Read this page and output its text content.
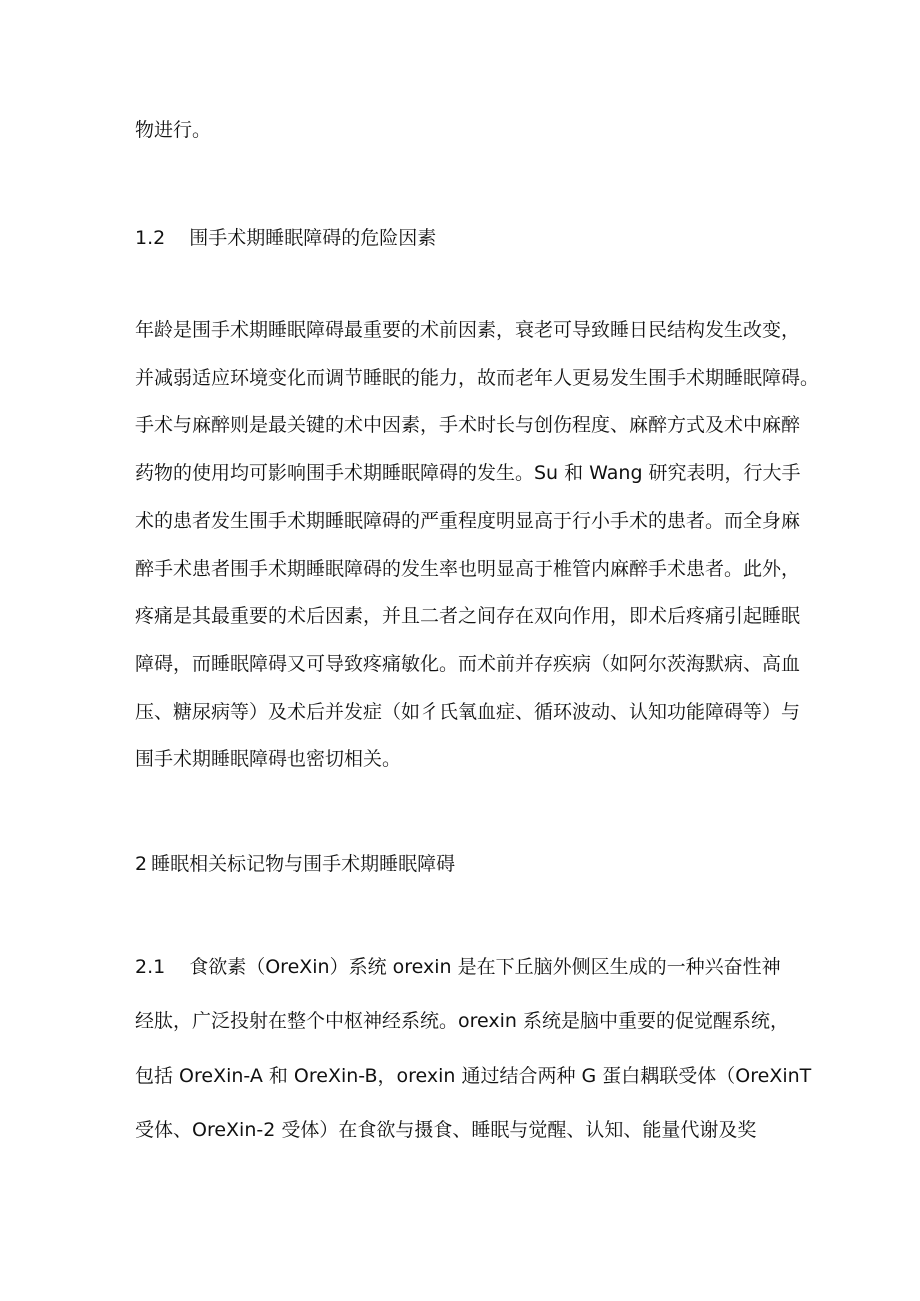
物进行。

1.2 围手术期睡眠障碍的危险因素

年龄是围手术期睡眠障碍最重要的术前因素，衰老可导致睡日民结构发生改变，

并减弱适应环境变化而调节睡眠的能力，故而老年人更易发生围手术期睡眠障碍。

手术与麻醉则是最关键的术中因素，手术时长与创伤程度、麻醉方式及术中麻醉

药物的使用均可影响围手术期睡眠障碍的发生。Su 和 Wang 研究表明，行大手

术的患者发生围手术期睡眠障碍的严重程度明显高于行小手术的患者。而全身麻

醉手术患者围手术期睡眠障碍的发生率也明显高于椎管内麻醉手术患者。此外，

疼痛是其最重要的术后因素，并且二者之间存在双向作用，即术后疼痛引起睡眠

障碍，而睡眠障碍又可导致疼痛敏化。而术前并存疾病（如阿尔茨海默病、高血

压、糖尿病等）及术后并发症（如彳氏氧血症、循环波动、认知功能障碍等）与

围手术期睡眠障碍也密切相关。

2 睡眠相关标记物与围手术期睡眠障碍

2.1 食欲素（OreXin）系统 orexin 是在下丘脑外侧区生成的一种兴奋性神

经肽，广泛投射在整个中枢神经系统。orexin 系统是脑中重要的促觉醒系统，

包括 OreXin-A 和 OreXin-B，orexin 通过结合两种 G 蛋白耦联受体（OreXinT

受体、OreXin-2 受体）在食欲与摄食、睡眠与觉醒、认知、能量代谢及奖
